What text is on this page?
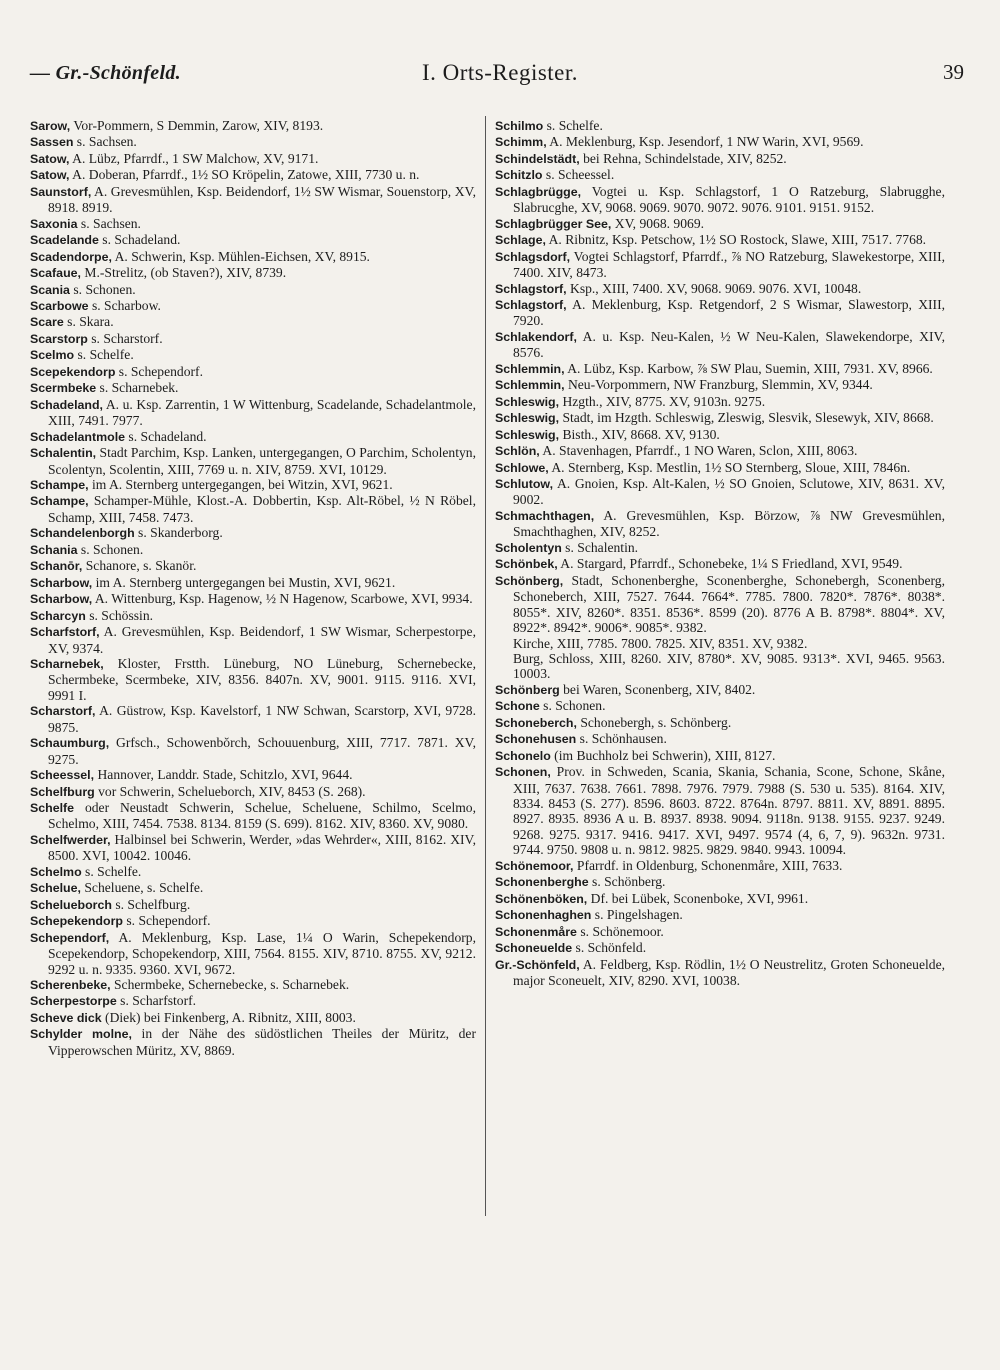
— Gr.-Schönfeld.	I. Orts-Register.	39
Sarow, Vor-Pommern, S Demmin, Zarow, XIV, 8193.
Sassen s. Sachsen.
Satow, A. Lübz, Pfarrdf., 1 SW Malchow, XV, 9171.
Satow, A. Doberan, Pfarrdf., 1½ SO Kröpelin, Zatowe, XIII, 7730 u. n.
Saunstorf, A. Grevesmühlen, Ksp. Beidendorf, 1½ SW Wismar, Souenstorp, XV, 8918. 8919.
Saxonia s. Sachsen.
Scadelande s. Schadeland.
Scadendorpe, A. Schwerin, Ksp. Mühlen-Eichsen, XV, 8915.
Scafaue, M.-Strelitz, (ob Staven?), XIV, 8739.
Scania s. Schonen.
Scarbowe s. Scharbow.
Scare s. Skara.
Scarstorp s. Scharstorf.
Scelmo s. Schelfe.
Scepekendorp s. Schependorf.
Scermbeke s. Scharnebek.
Schadeland, A. u. Ksp. Zarrentin, 1 W Wittenburg, Scadelande, Schadelantmole, XIII, 7491. 7977.
Schadelantmole s. Schadeland.
Schalentin, Stadt Parchim, Ksp. Lanken, untergegangen, O Parchim, Scholentyn, Scolentyn, Scolentin, XIII, 7769 u. n. XIV, 8759. XVI, 10129.
Schampe, im A. Sternberg untergegangen, bei Witzin, XVI, 9621.
Schampe, Schamper-Mühle, Klost.-A. Dobbertin, Ksp. Alt-Röbel, ½ N Röbel, Schamp, XIII, 7458. 7473.
Schandelenborgh s. Skanderborg.
Schania s. Schonen.
Schanōr, Schanore, s. Skanör.
Scharbow, im A. Sternberg untergegangen bei Mustin, XVI, 9621.
Scharbow, A. Wittenburg, Ksp. Hagenow, ½ N Hagenow, Scarbowe, XVI, 9934.
Scharcyn s. Schössin.
Scharfstorf, A. Grevesmühlen, Ksp. Beidendorf, 1 SW Wismar, Scherpestorpe, XV, 9374.
Scharnebek, Kloster, Frstth. Lüneburg, NO Lüneburg, Schernebecke, Schermbeke, Scermbeke, XIV, 8356. 8407n. XV, 9001. 9115. 9116. XVI, 9991 I.
Scharstorf, A. Güstrow, Ksp. Kavelstorf, 1 NW Schwan, Scarstorp, XVI, 9728. 9875.
Schaumburg, Grfsch., Schowenbŏrch, Schouuenburg, XIII, 7717. 7871. XV, 9275.
Scheessel, Hannover, Landdr. Stade, Schitzlo, XVI, 9644.
Schelfburg vor Schwerin, Schelueborch, XIV, 8453 (S. 268).
Schelfe oder Neustadt Schwerin, Schelue, Scheluene, Schilmo, Scelmo, Schelmo, XIII, 7454. 7538. 8134. 8159 (S. 699). 8162. XIV, 8360. XV, 9080.
Schelfwerder, Halbinsel bei Schwerin, Werder, »das Wehrder«, XIII, 8162. XIV, 8500. XVI, 10042. 10046.
Schelmo s. Schelfe.
Schelue, Scheluene, s. Schelfe.
Schelueborch s. Schelfburg.
Schepekendorp s. Schependorf.
Schependorf, A. Meklenburg, Ksp. Lase, 1¼ O Warin, Schepekendorp, Scepekendorp, Schopekendorp, XIII, 7564. 8155. XIV, 8710. 8755. XV, 9212. 9292 u. n. 9335. 9360. XVI, 9672.
Scherenbeke, Schermbeke, Schernebecke, s. Scharnebek.
Scherpestorpe s. Scharfstorf.
Scheve dick (Diek) bei Finkenberg, A. Ribnitz, XIII, 8003.
Schylder molne, in der Nähe des südöstlichen Theiles der Müritz, der Vipperowschen Müritz, XV, 8869.
Schilmo s. Schelfe.
Schimm, A. Meklenburg, Ksp. Jesendorf, 1 NW Warin, XVI, 9569.
Schindelstädt, bei Rehna, Schindelstade, XIV, 8252.
Schitzlo s. Scheessel.
Schlagbrügge, Vogtei u. Ksp. Schlagstorf, 1 O Ratzeburg, Slabrugghe, Slabrucghe, XV, 9068. 9069. 9070. 9072. 9076. 9101. 9151. 9152.
Schlagbrügger See, XV, 9068. 9069.
Schlage, A. Ribnitz, Ksp. Petschow, 1½ SO Rostock, Slawe, XIII, 7517. 7768.
Schlagsdorf, Vogtei Schlagstorf, Pfarrdf., ⅞ NO Ratzeburg, Slawekestorpe, XIII, 7400. XIV, 8473.
Schlagstorf, Ksp., XIII, 7400. XV, 9068. 9069. 9076. XVI, 10048.
Schlagstorf, A. Meklenburg, Ksp. Retgendorf, 2 S Wismar, Slawestorp, XIII, 7920.
Schlakendorf, A. u. Ksp. Neu-Kalen, ½ W Neu-Kalen, Slawekendorpe, XIV, 8576.
Schlemmin, A. Lübz, Ksp. Karbow, ⅞ SW Plau, Suemin, XIII, 7931. XV, 8966.
Schlemmin, Neu-Vorpommern, NW Franzburg, Slemmin, XV, 9344.
Schleswig, Hzgth., XIV, 8775. XV, 9103n. 9275.
Schleswig, Stadt, im Hzgth. Schleswig, Zleswig, Slesvik, Slesewyk, XIV, 8668.
Schleswig, Bisth., XIV, 8668. XV, 9130.
Schlön, A. Stavenhagen, Pfarrdf., 1 NO Waren, Sclon, XIII, 8063.
Schlowe, A. Sternberg, Ksp. Mestlin, 1½ SO Sternberg, Sloue, XIII, 7846n.
Schlutow, A. Gnoien, Ksp. Alt-Kalen, ½ SO Gnoien, Sclutowe, XIV, 8631. XV, 9002.
Schmachthagen, A. Grevesmühlen, Ksp. Börzow, ⅞ NW Grevesmühlen, Smachthaghen, XIV, 8252.
Scholentyn s. Schalentin.
Schönbek, A. Stargard, Pfarrdf., Schonebeke, 1¼ S Friedland, XVI, 9549.
Schönberg, Stadt, Schonenberghe, Sconenberghe, Schonebergh, Sconenberg, Schoneberch, XIII, 7527. 7644. 7664*. 7785. 7800. 7820*. 7876*. 8038*. 8055*. XIV, 8260*. 8351. 8536*. 8599 (20). 8776 A B. 8798*. 8804*. XV, 8922*. 8942*. 9006*. 9085*. 9382.
Kirche, XIII, 7785. 7800. 7825. XIV, 8351. XV, 9382.
Burg, Schloss, XIII, 8260. XIV, 8780*. XV, 9085. 9313*. XVI, 9465. 9563. 10003.
Schönberg bei Waren, Sconenberg, XIV, 8402.
Schone s. Schonen.
Schoneberch, Schonebergh, s. Schönberg.
Schonehusen s. Schönhausen.
Schonelo (im Buchholz bei Schwerin), XIII, 8127.
Schonen, Prov. in Schweden, Scania, Skania, Schania, Scone, Schone, Skåne, XIII, 7637. 7638. 7661. 7898. 7976. 7979. 7988 (S. 530 u. 535). 8164. XIV, 8334. 8453 (S. 277). 8596. 8603. 8722. 8764n. 8797. 8811. XV, 8891. 8895. 8927. 8935. 8936 A u. B. 8937. 8938. 9094. 9118n. 9138. 9155. 9237. 9249. 9268. 9275. 9317. 9416. 9417. XVI, 9497. 9574 (4, 6, 7, 9). 9632n. 9731. 9744. 9750. 9808 u. n. 9812. 9825. 9829. 9840. 9943. 10094.
Schönemoor, Pfarrdf. in Oldenburg, Schonenmåre, XIII, 7633.
Schonenberghe s. Schönberg.
Schönenböken, Df. bei Lübek, Sconenboke, XVI, 9961.
Schonenhaghen s. Pingelshagen.
Schonenmåre s. Schönemoor.
Schoneuelde s. Schönfeld.
Gr.-Schönfeld, A. Feldberg, Ksp. Rödlin, 1½ O Neustrelitz, Groten Schoneuelde, major Sconeuelt, XIV, 8290. XVI, 10038.
